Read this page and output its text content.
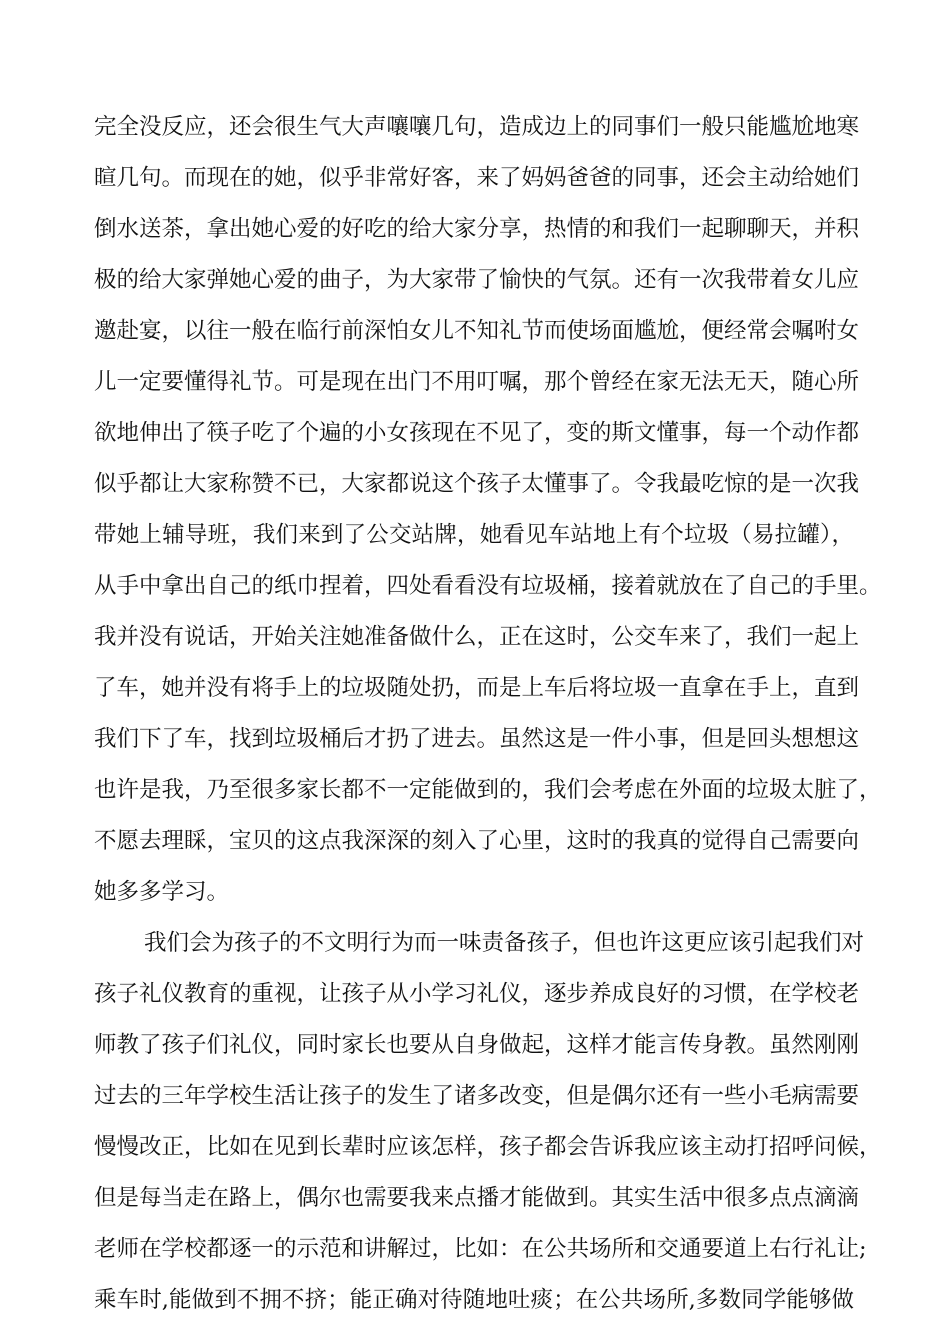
完全没反应，还会很生气大声嚷嚷几句，造成边上的同事们一般只能尴尬地寒
暄几句。而现在的她，似乎非常好客，来了妈妈爸爸的同事，还会主动给她们
倒水送茶，拿出她心爱的好吃的给大家分享，热情的和我们一起聊聊天，并积
极的给大家弹她心爱的曲子，为大家带了愉快的气氛。还有一次我带着女儿应
邀赴宴，以往一般在临行前深怕女儿不知礼节而使场面尴尬，便经常会嘱咐女
儿一定要懂得礼节。可是现在出门不用叮嘱，那个曾经在家无法无天，随心所
欲地伸出了筷子吃了个遍的小女孩现在不见了，变的斯文懂事，每一个动作都
似乎都让大家称赞不已，大家都说这个孩子太懂事了。令我最吃惊的是一次我
带她上辅导班，我们来到了公交站牌，她看见车站地上有个垃圾（易拉罐），
从手中拿出自己的纸巾捏着，四处看看没有垃圾桶，接着就放在了自己的手里。
我并没有说话，开始关注她准备做什么，正在这时，公交车来了，我们一起上
了车，她并没有将手上的垃圾随处扔，而是上车后将垃圾一直拿在手上，直到
我们下了车，找到垃圾桶后才扔了进去。虽然这是一件小事，但是回头想想这
也许是我，乃至很多家长都不一定能做到的，我们会考虑在外面的垃圾太脏了，
不愿去理睬，宝贝的这点我深深的刻入了心里，这时的我真的觉得自己需要向
她多多学习。
我们会为孩子的不文明行为而一味责备孩子，但也许这更应该引起我们对
孩子礼仪教育的重视，让孩子从小学习礼仪，逐步养成良好的习惯，在学校老
师教了孩子们礼仪，同时家长也要从自身做起，这样才能言传身教。虽然刚刚
过去的三年学校生活让孩子的发生了诸多改变，但是偶尔还有一些小毛病需要
慢慢改正，比如在见到长辈时应该怎样，孩子都会告诉我应该主动打招呼问候，
但是每当走在路上，偶尔也需要我来点播才能做到。其实生活中很多点点滴滴
老师在学校都逐一的示范和讲解过，比如：在公共场所和交通要道上右行礼让;
乘车时,能做到不拥不挤；能正确对待随地吐痰；在公共场所,多数同学能够做
